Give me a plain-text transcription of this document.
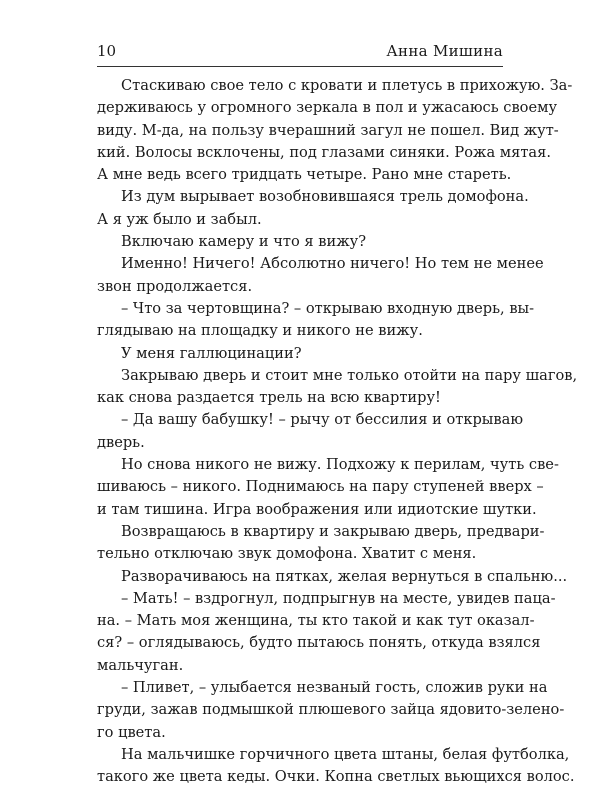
10	Анна Мишина
Стаскиваю свое тело с кровати и плетусь в прихожую. За-
держиваюсь у огромного зеркала в пол и ужасаюсь своему
виду. М-да, на пользу вчерашний загул не пошел. Вид жут-
кий. Волосы всклочены, под глазами синяки. Рожа мятая.
А мне ведь всего тридцать четыре. Рано мне стареть.
Из дум вырывает возобновившаяся трель домофона.
А я уж было и забыл.
Включаю камеру и что я вижу?
Именно! Ничего! Абсолютно ничего! Но тем не менее
звон продолжается.
– Что за чертовщина? – открываю входную дверь, вы-
глядываю на площадку и никого не вижу.
У меня галлюцинации?
Закрываю дверь и стоит мне только отойти на пару шагов,
как снова раздается трель на всю квартиру!
– Да вашу бабушку! – рычу от бессилия и открываю
дверь.
Но снова никого не вижу. Подхожу к перилам, чуть све-
шиваюсь – никого. Поднимаюсь на пару ступеней вверх –
и там тишина. Игра воображения или идиотские шутки.
Возвращаюсь в квартиру и закрываю дверь, предвари-
тельно отключаю звук домофона. Хватит с меня.
Разворачиваюсь на пятках, желая вернуться в спальню...
– Мать! – вздрогнул, подпрыгнув на месте, увидев паца-
на. – Мать моя женщина, ты кто такой и как тут оказал-
ся? – оглядываюсь, будто пытаюсь понять, откуда взялся
мальчуган.
– Пливет, – улыбается незваный гость, сложив руки на
груди, зажав подмышкой плюшевого зайца ядовито-зелено-
го цвета.
На мальчишке горчичного цвета штаны, белая футболка,
такого же цвета кеды. Очки. Копна светлых вьющихся волос.
